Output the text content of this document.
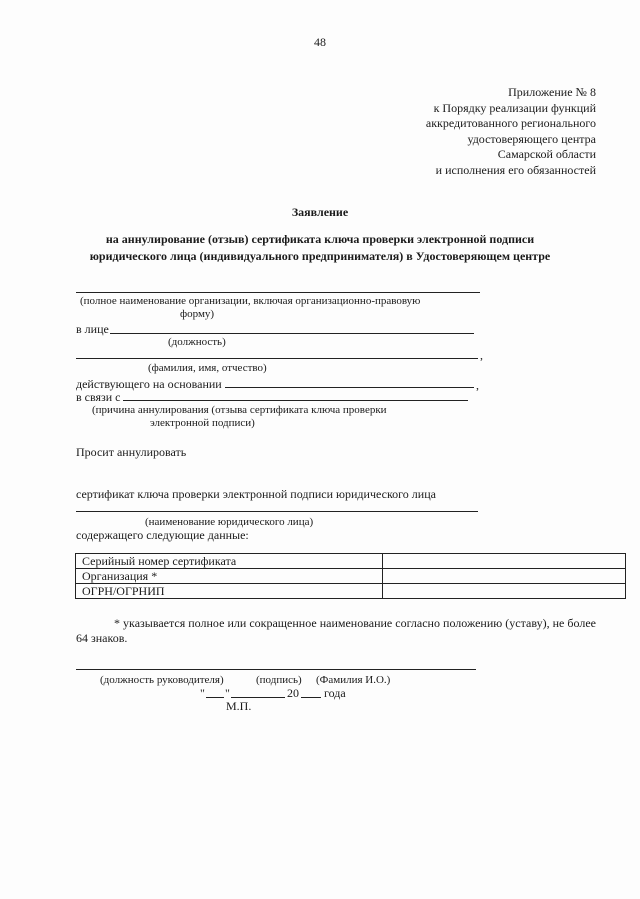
48
Приложение № 8
к Порядку реализации функций
аккредитованного регионального
удостоверяющего центра
Самарской области
и исполнения его обязанностей
Заявление
на аннулирование (отзыв) сертификата ключа проверки электронной подписи
юридического лица (индивидуального предпринимателя) в Удостоверяющем центре
(полное наименование организации, включая организационно-правовую
форму)
в лице
(должность)
,
(фамилия, имя, отчество)
действующего на основании	,
в связи с
(причина аннулирования (отзыва сертификата ключа проверки
электронной подписи)
Просит аннулировать
сертификат ключа проверки электронной подписи юридического лица
(наименование юридического лица)
содержащего следующие данные:
Серийный номер сертификата	
Организация *	
ОГРН/ОГРНИП	
* указывается полное или сокращенное наименование согласно положению (уставу), не более 64 знаков.
(должность руководителя)	(подпись) (Фамилия И.О.)
" "	20 года
М.П.
